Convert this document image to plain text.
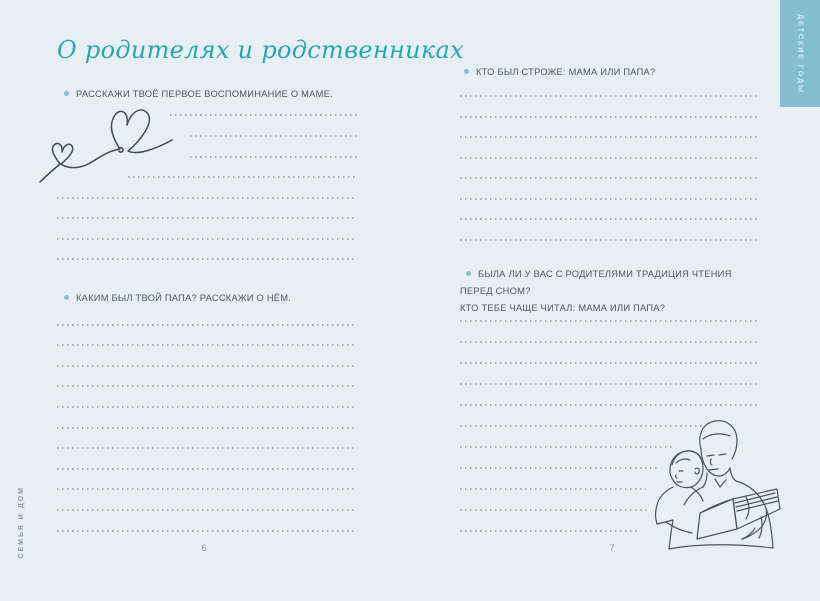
О родителях и родственниках	ДЕТСКИЕ ГОДЫ
СЕМЬЯ И ДОМ
РАССКАЖИ ТВОЁ ПЕРВОЕ ВОСПОМИНАНИЕ О МАМЕ.
КАКИМ БЫЛ ТВОЙ ПАПА? РАССКАЖИ О НЁМ.
КТО БЫЛ СТРОЖЕ: МАМА ИЛИ ПАПА?
БЫЛА ЛИ У ВАС С РОДИТЕЛЯМИ ТРАДИЦИЯ ЧТЕНИЯ ПЕРЕД СНОМ?
КТО ТЕБЕ ЧАЩЕ ЧИТАЛ: МАМА ИЛИ ПАПА?
6	7
